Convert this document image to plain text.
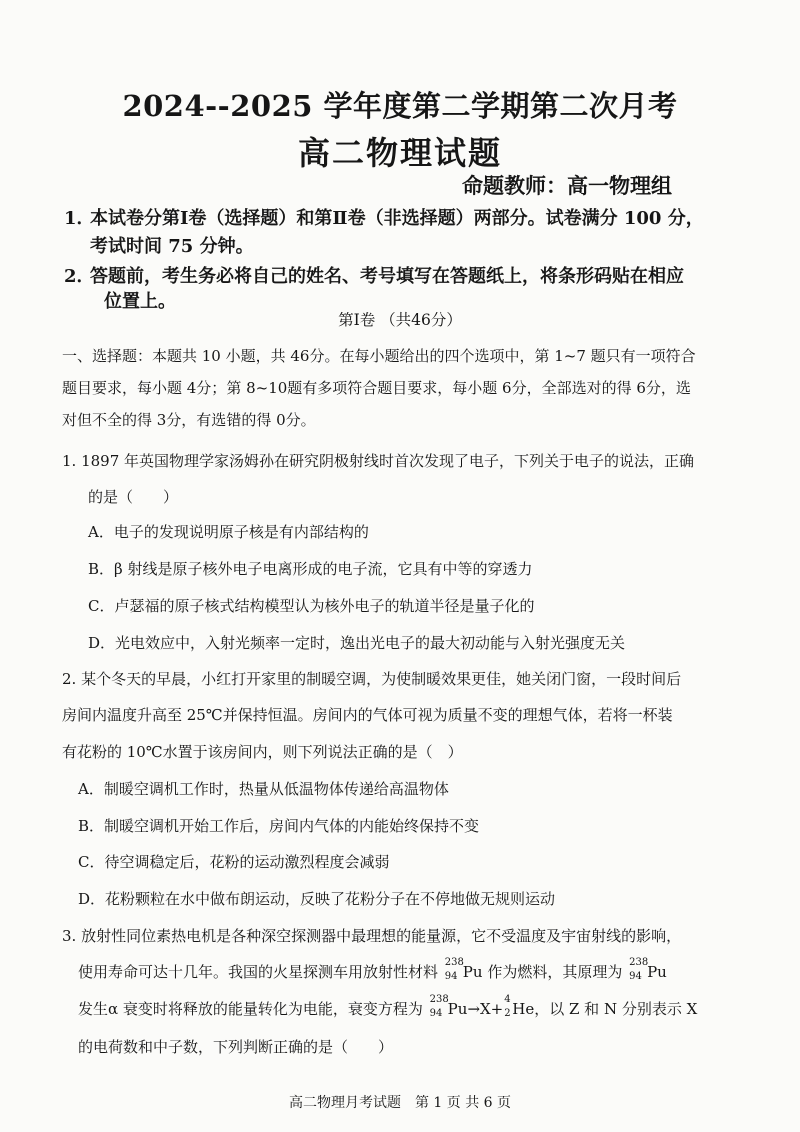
2024--2025 学年度第二学期第二次月考
高二物理试题
命题教师：高一物理组
1．本试卷分第Ⅰ卷（选择题）和第Ⅱ卷（非选择题）两部分。试卷满分 100 分，
考试时间 75 分钟。
2．答题前，考生务必将自己的姓名、考号填写在答题纸上，将条形码贴在相应
位置上。
第Ⅰ卷 （共46分）
一、选择题：本题共 10 小题，共 46分。在每小题给出的四个选项中，第 1~7 题只有一项符合
题目要求，每小题 4分；第 8~10题有多项符合题目要求，每小题 6分，全部选对的得 6分，选
对但不全的得 3分，有选错的得 0分。
1. 1897 年英国物理学家汤姆孙在研究阴极射线时首次发现了电子，下列关于电子的说法，正确
的是（　　）
A．电子的发现说明原子核是有内部结构的
B．β 射线是原子核外电子电离形成的电子流，它具有中等的穿透力
C．卢瑟福的原子核式结构模型认为核外电子的轨道半径是量子化的
D．光电效应中，入射光频率一定时，逸出光电子的最大初动能与入射光强度无关
2. 某个冬天的早晨，小红打开家里的制暖空调，为使制暖效果更佳，她关闭门窗，一段时间后
房间内温度升高至 25℃并保持恒温。房间内的气体可视为质量不变的理想气体，若将一杯装
有花粉的 10℃水置于该房间内，则下列说法正确的是（　）
A．制暖空调机工作时，热量从低温物体传递给高温物体
B．制暖空调机开始工作后，房间内气体的内能始终保持不变
C．待空调稳定后，花粉的运动激烈程度会减弱
D．花粉颗粒在水中做布朗运动，反映了花粉分子在不停地做无规则运动
3. 放射性同位素热电机是各种深空探测器中最理想的能量源，它不受温度及宇宙射线的影响，
使用寿命可达十几年。我国的火星探测车用放射性材料
238
94 Pu 作为燃料，其原理为
238
94 Pu
发生α 衰变时将释放的能量转化为电能，衰变方程为
238
94 Pu→X+
4
2 He，以 Z 和 N 分别表示 X
的电荷数和中子数，下列判断正确的是（　　）
高二物理月考试题　第 1 页 共 6 页
